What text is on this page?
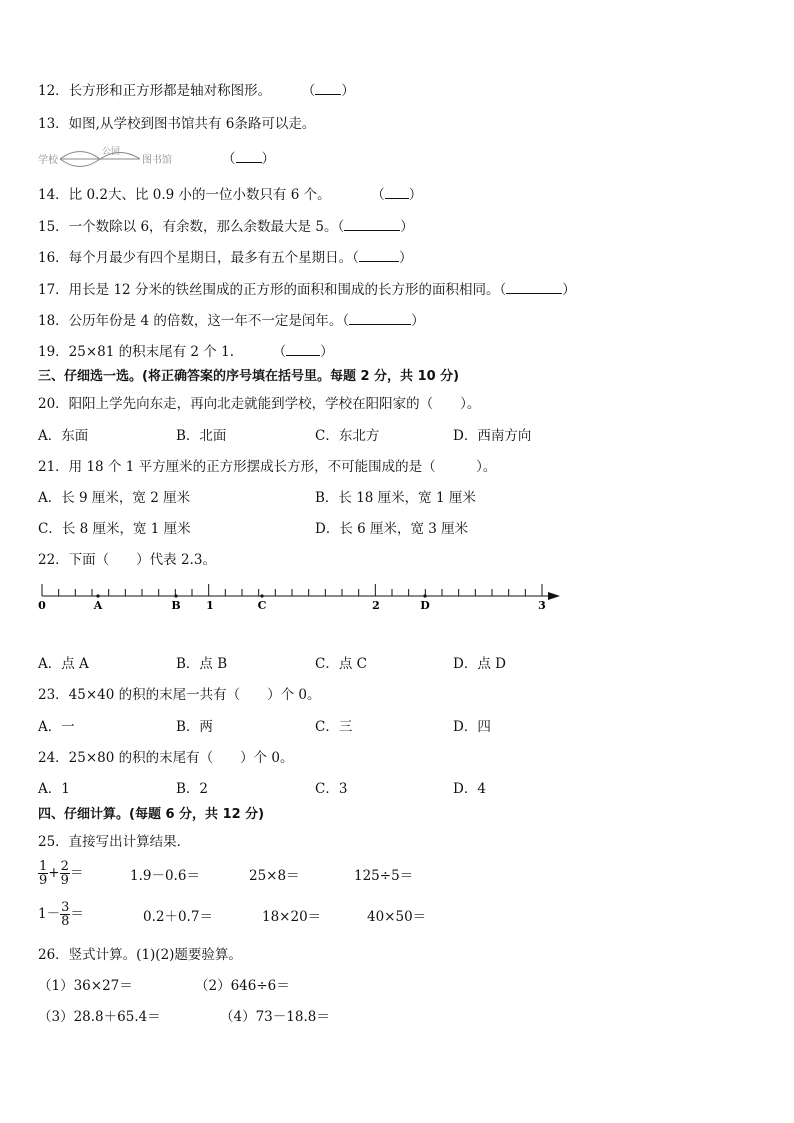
12．长方形和正方形都是轴对称图形。 （ ）
13．如图,从学校到图书馆共有 6条路可以走。
学校
公园
图书馆	（ ）
14．比 0.2大、比 0.9 小的一位小数只有 6 个。	（ ）
15．一个数除以 6，有余数，那么余数最大是 5。（	）
16．每个月最少有四个星期日，最多有五个星期日。（	）
17．用长是 12 分米的铁丝围成的正方形的面积和围成的长方形的面积相同。（	）
18．公历年份是 4 的倍数，这一年不一定是闰年。（	）
19．25×81 的积末尾有 2 个 1.	（	）
三、仔细选一选。(将正确答案的序号填在括号里。每题 2 分，共 10 分)
20．阳阳上学先向东走，再向北走就能到学校，学校在阳阳家的（　　）。
A．东面	B．北面	C．东北方	D．西南方向
21．用 18 个 1 平方厘米的正方形摆成长方形，不可能围成的是（　　　）。
A．长 9 厘米，宽 2 厘米	B．长 18 厘米，宽 1 厘米
C．长 8 厘米，宽 1 厘米	D．长 6 厘米，宽 3 厘米
22．下面（　　）代表 2.3。
0	A	B 1	C	2	D	3
A．点 A	B．点 B	C．点 C	D．点 D
23．45×40 的积的末尾一共有（　　）个 0。
A．一	B．两	C．三	D．四
24．25×80 的积的末尾有（　　）个 0。
A．1	B．2	C．3	D．4
四、仔细计算。(每题 6 分，共 12 分)
25．直接写出计算结果．
$\frac{1}{9} + \frac{2}{9}$ ＝	1.9－0.6＝	25×8＝	125÷5＝
$1- \frac{3}{8}$ ＝	0.2＋0.7＝	18×20＝	40×50＝
26．竖式计算。(1)(2)题要验算。
（1）36×27＝	（2）646÷6＝
（3）28.8＋65.4＝	（4）73－18.8＝
